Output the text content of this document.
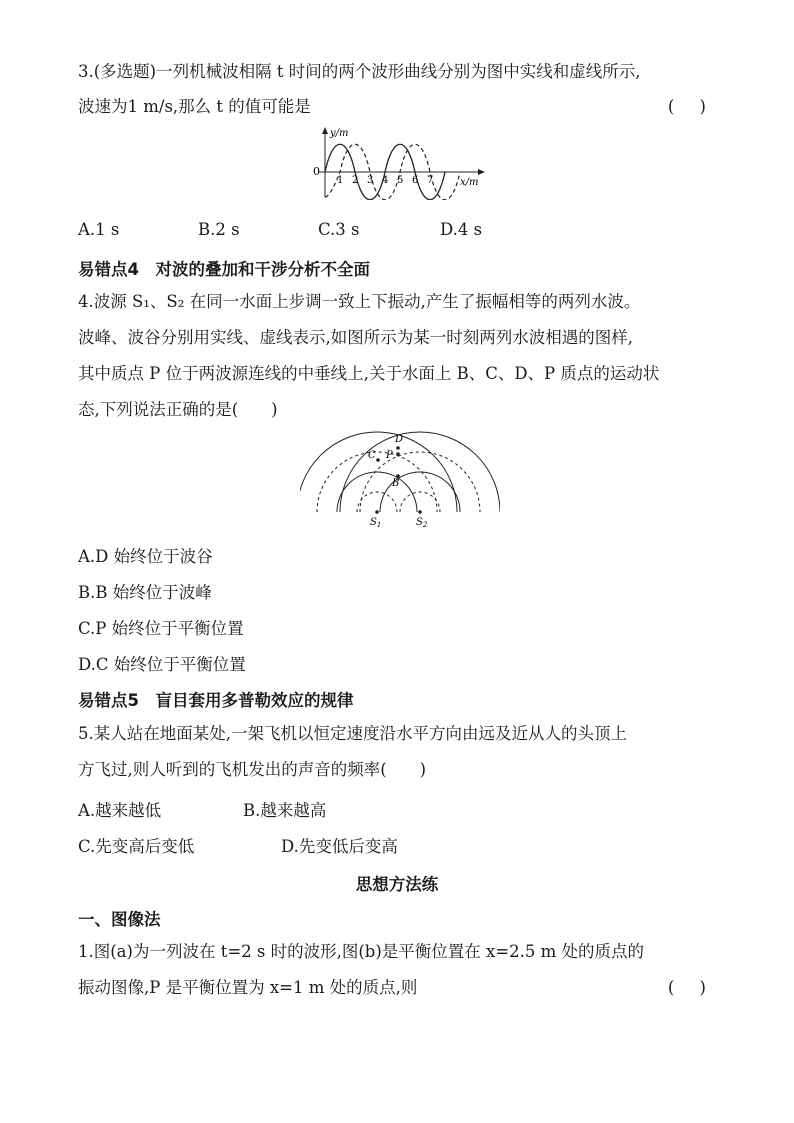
3.(多选题)一列机械波相隔 t 时间的两个波形曲线分别为图中实线和虚线所示,
波速为1 m/s,那么 t 的值可能是	( )
y/m
x/m
0
1 2 3 4 5 6 7
A.1 s	B.2 s	C.3 s	D.4 s
易错点4　对波的叠加和干涉分析不全面
4.波源 S₁、S₂ 在同一水面上步调一致上下振动,产生了振幅相等的两列水波。
波峰、波谷分别用实线、虚线表示,如图所示为某一时刻两列水波相遇的图样,
其中质点 P 位于两波源连线的中垂线上,关于水面上 B、C、D、P 质点的运动状
态,下列说法正确的是(　　)
D
C P
B
$S_1$	$S_2$
A.D 始终位于波谷
B.B 始终位于波峰
C.P 始终位于平衡位置
D.C 始终位于平衡位置
易错点5　盲目套用多普勒效应的规律
5.某人站在地面某处,一架飞机以恒定速度沿水平方向由远及近从人的头顶上
方飞过,则人听到的飞机发出的声音的频率(　　)
A.越来越低	B.越来越高
C.先变高后变低	D.先变低后变高
思想方法练
一、图像法
1.图(a)为一列波在 t=2 s 时的波形,图(b)是平衡位置在 x=2.5 m 处的质点的
振动图像,P 是平衡位置为 x=1 m 处的质点,则	( )
